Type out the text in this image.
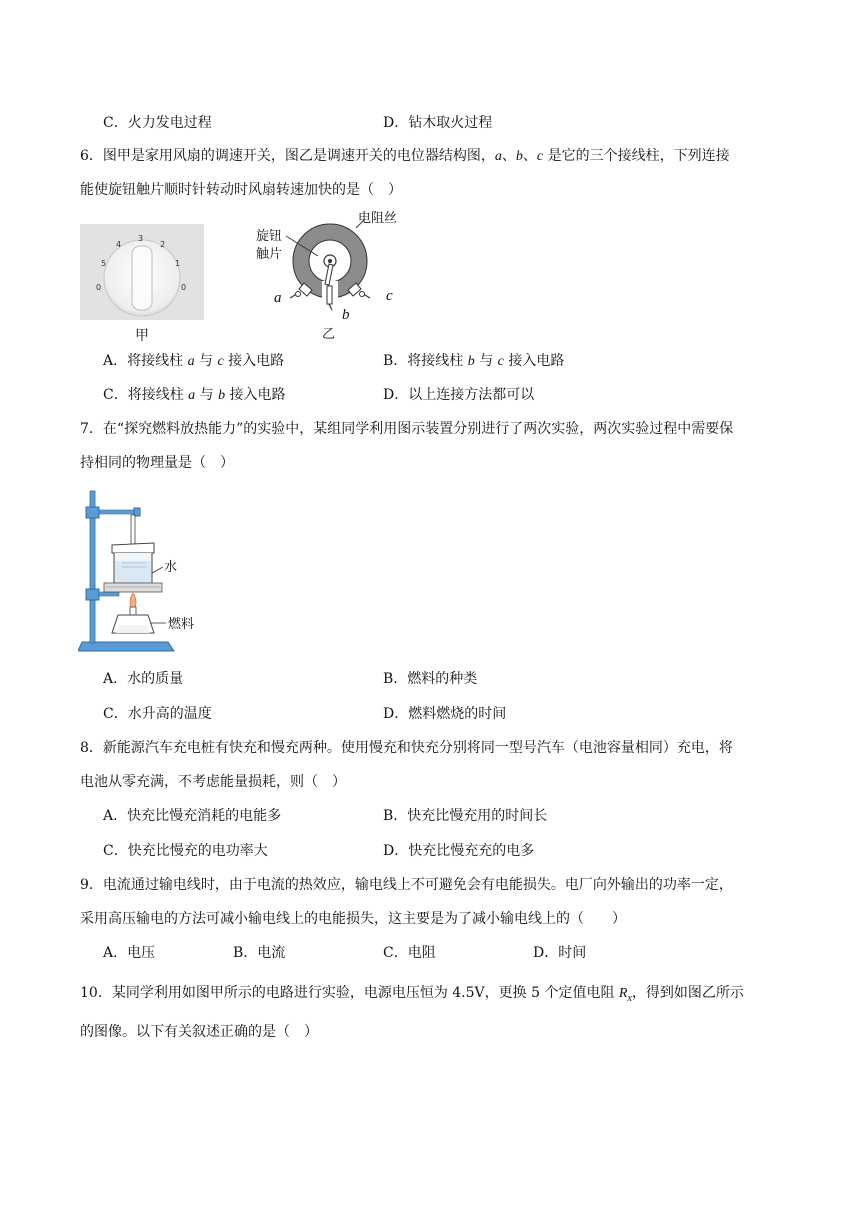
C．火力发电过程	D．钻木取火过程
6．图甲是家用风扇的调速开关，图乙是调速开关的电位器结构图，a、b、c 是它的三个接线柱，下列连接
能使旋钮触片顺时针转动时风扇转速加快的是（　）
0
5
4
3
2
1
0
甲
电阻丝
旋钮
触片
a
b
c
乙
A．将接线柱 a 与 c 接入电路	B．将接线柱 b 与 c 接入电路
C．将接线柱 a 与 b 接入电路	D．以上连接方法都可以
7．在“探究燃料放热能力”的实验中，某组同学利用图示装置分别进行了两次实验，两次实验过程中需要保
持相同的物理量是（　）
水
燃料
A．水的质量	B．燃料的种类
C．水升高的温度	D．燃料燃烧的时间
8．新能源汽车充电桩有快充和慢充两种。使用慢充和快充分别将同一型号汽车（电池容量相同）充电，将
电池从零充满，不考虑能量损耗，则（　）
A．快充比慢充消耗的电能多	B．快充比慢充用的时间长
C．快充比慢充的电功率大	D．快充比慢充充的电多
9．电流通过输电线时，由于电流的热效应，输电线上不可避免会有电能损失。电厂向外输出的功率一定，
采用高压输电的方法可减小输电线上的电能损失，这主要是为了减小输电线上的（　　）
A．电压	B．电流	C．电阻	D．时间
10．某同学利用如图甲所示的电路进行实验，电源电压恒为 4.5V，更换 5 个定值电阻 $R_x$，得到如图乙所示
的图像。以下有关叙述正确的是（　）
